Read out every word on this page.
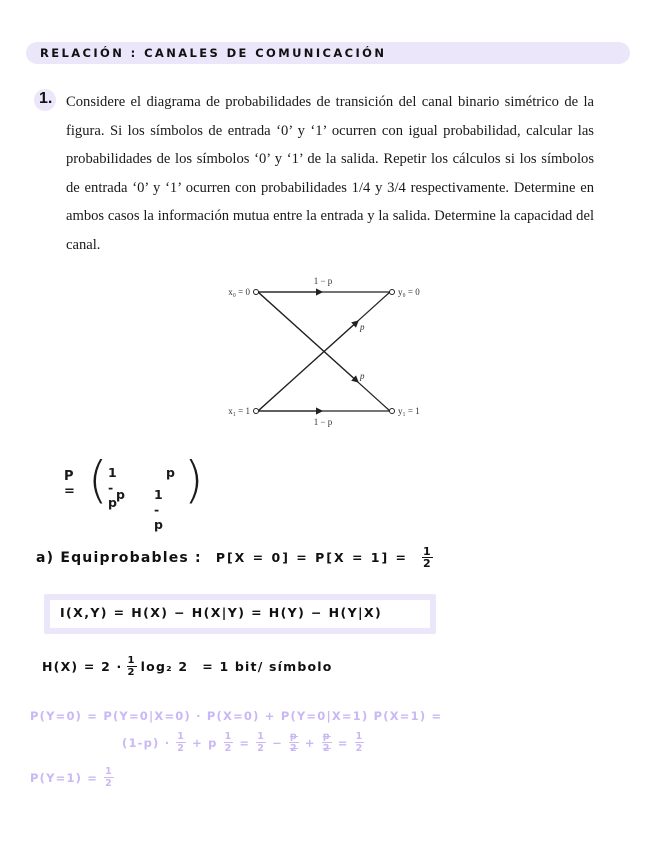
RELACIÓN : CANALES DE COMUNICACIÓN
1. Considere el diagrama de probabilidades de transición del canal binario simétrico de la figura. Si los símbolos de entrada ‘0’ y ‘1’ ocurren con igual probabilidad, calcular las probabilidades de los símbolos ‘0’ y ‘1’ de la salida. Repetir los cálculos si los símbolos de entrada ‘0’ y ‘1’ ocurren con probabilidades 1/4 y 3/4 respectivamente. Determine en ambos casos la información mutua entre la entrada y la salida. Determine la capacidad del canal.
x₀ = 0	y₀ = 0
x₁ = 1	y₁ = 1
1 − p
1 − p
p
p
P = ( 1 - p
p
p 1 - p
)
a) Equiprobables : $P[X = 0] = P[X = 1] = \frac{1}{2}$
I(X,Y) = H(X) − H(X|Y) = H(Y) − H(Y|X)
$H(X) = 2 \cdot \frac{1}{2} \log_2$ 2 = 1 bit/ símbolo
P(Y=0) = P(Y=0|X=0) · P(X=0) + P(Y=0|X=1) P(X=1) =
$(1-p) \cdot \frac{1}{2} + p \frac{1}{2} = \frac{1}{2} - \frac{p}{2} + \frac{p}{2} = \frac{1}{2}$
$P(Y=1) = \frac{1}{2}$
